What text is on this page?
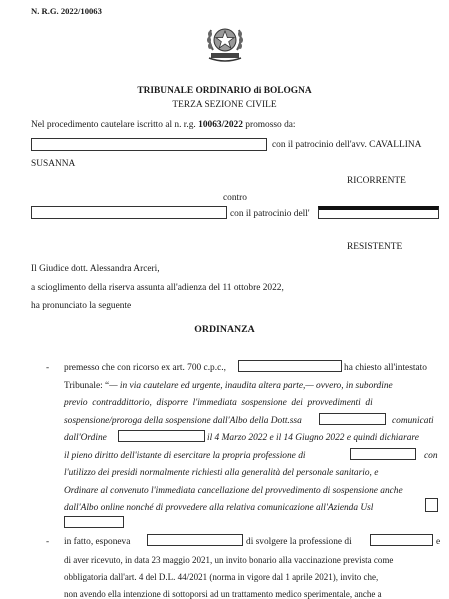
N. R.G. 2022/10063
TRIBUNALE ORDINARIO di BOLOGNA
TERZA SEZIONE CIVILE
Nel procedimento cautelare iscritto al n. r.g. 10063/2022 promosso da:
con il patrocinio dell'avv. CAVALLINA
SUSANNA
RICORRENTE
contro
con il patrocinio dell'
RESISTENTE
Il Giudice dott. Alessandra Arceri,
a scioglimento della riserva assunta all'adienza del 11 ottobre 2022,
ha pronunciato la seguente
ORDINANZA
- premesso che con ricorso ex art. 700 c.p.c.,	ha chiesto all'intestato
Tribunale: “— in via cautelare ed urgente, inaudita altera parte,— ovvero, in subordine
previo contraddittorio, disporre l'immediata sospensione dei provvedimenti di
sospensione/proroga della sospensione dall'Albo della Dott.ssa	comunicati
dall'Ordine	il 4 Marzo 2022 e il 14 Giugno 2022 e quindi dichiarare
il pieno diritto dell'istante di esercitare la propria professione di	con
l'utilizzo dei presidi normalmente richiesti alla generalità del personale sanitario, e
Ordinare al convenuto l'immediata cancellazione del provvedimento di sospensione anche
dall'Albo online nonché di provvedere alla relativa comunicazione all'Azienda Usl
- in fatto, esponeva	di svolgere la professione di	e
di aver ricevuto, in data 23 maggio 2021, un invito bonario alla vaccinazione prevista come
obbligatoria dall'art. 4 del D.L. 44/2021 (norma in vigore dal 1 aprile 2021), invito che,
non avendo ella intenzione di sottoporsi ad un trattamento medico sperimentale, anche a
